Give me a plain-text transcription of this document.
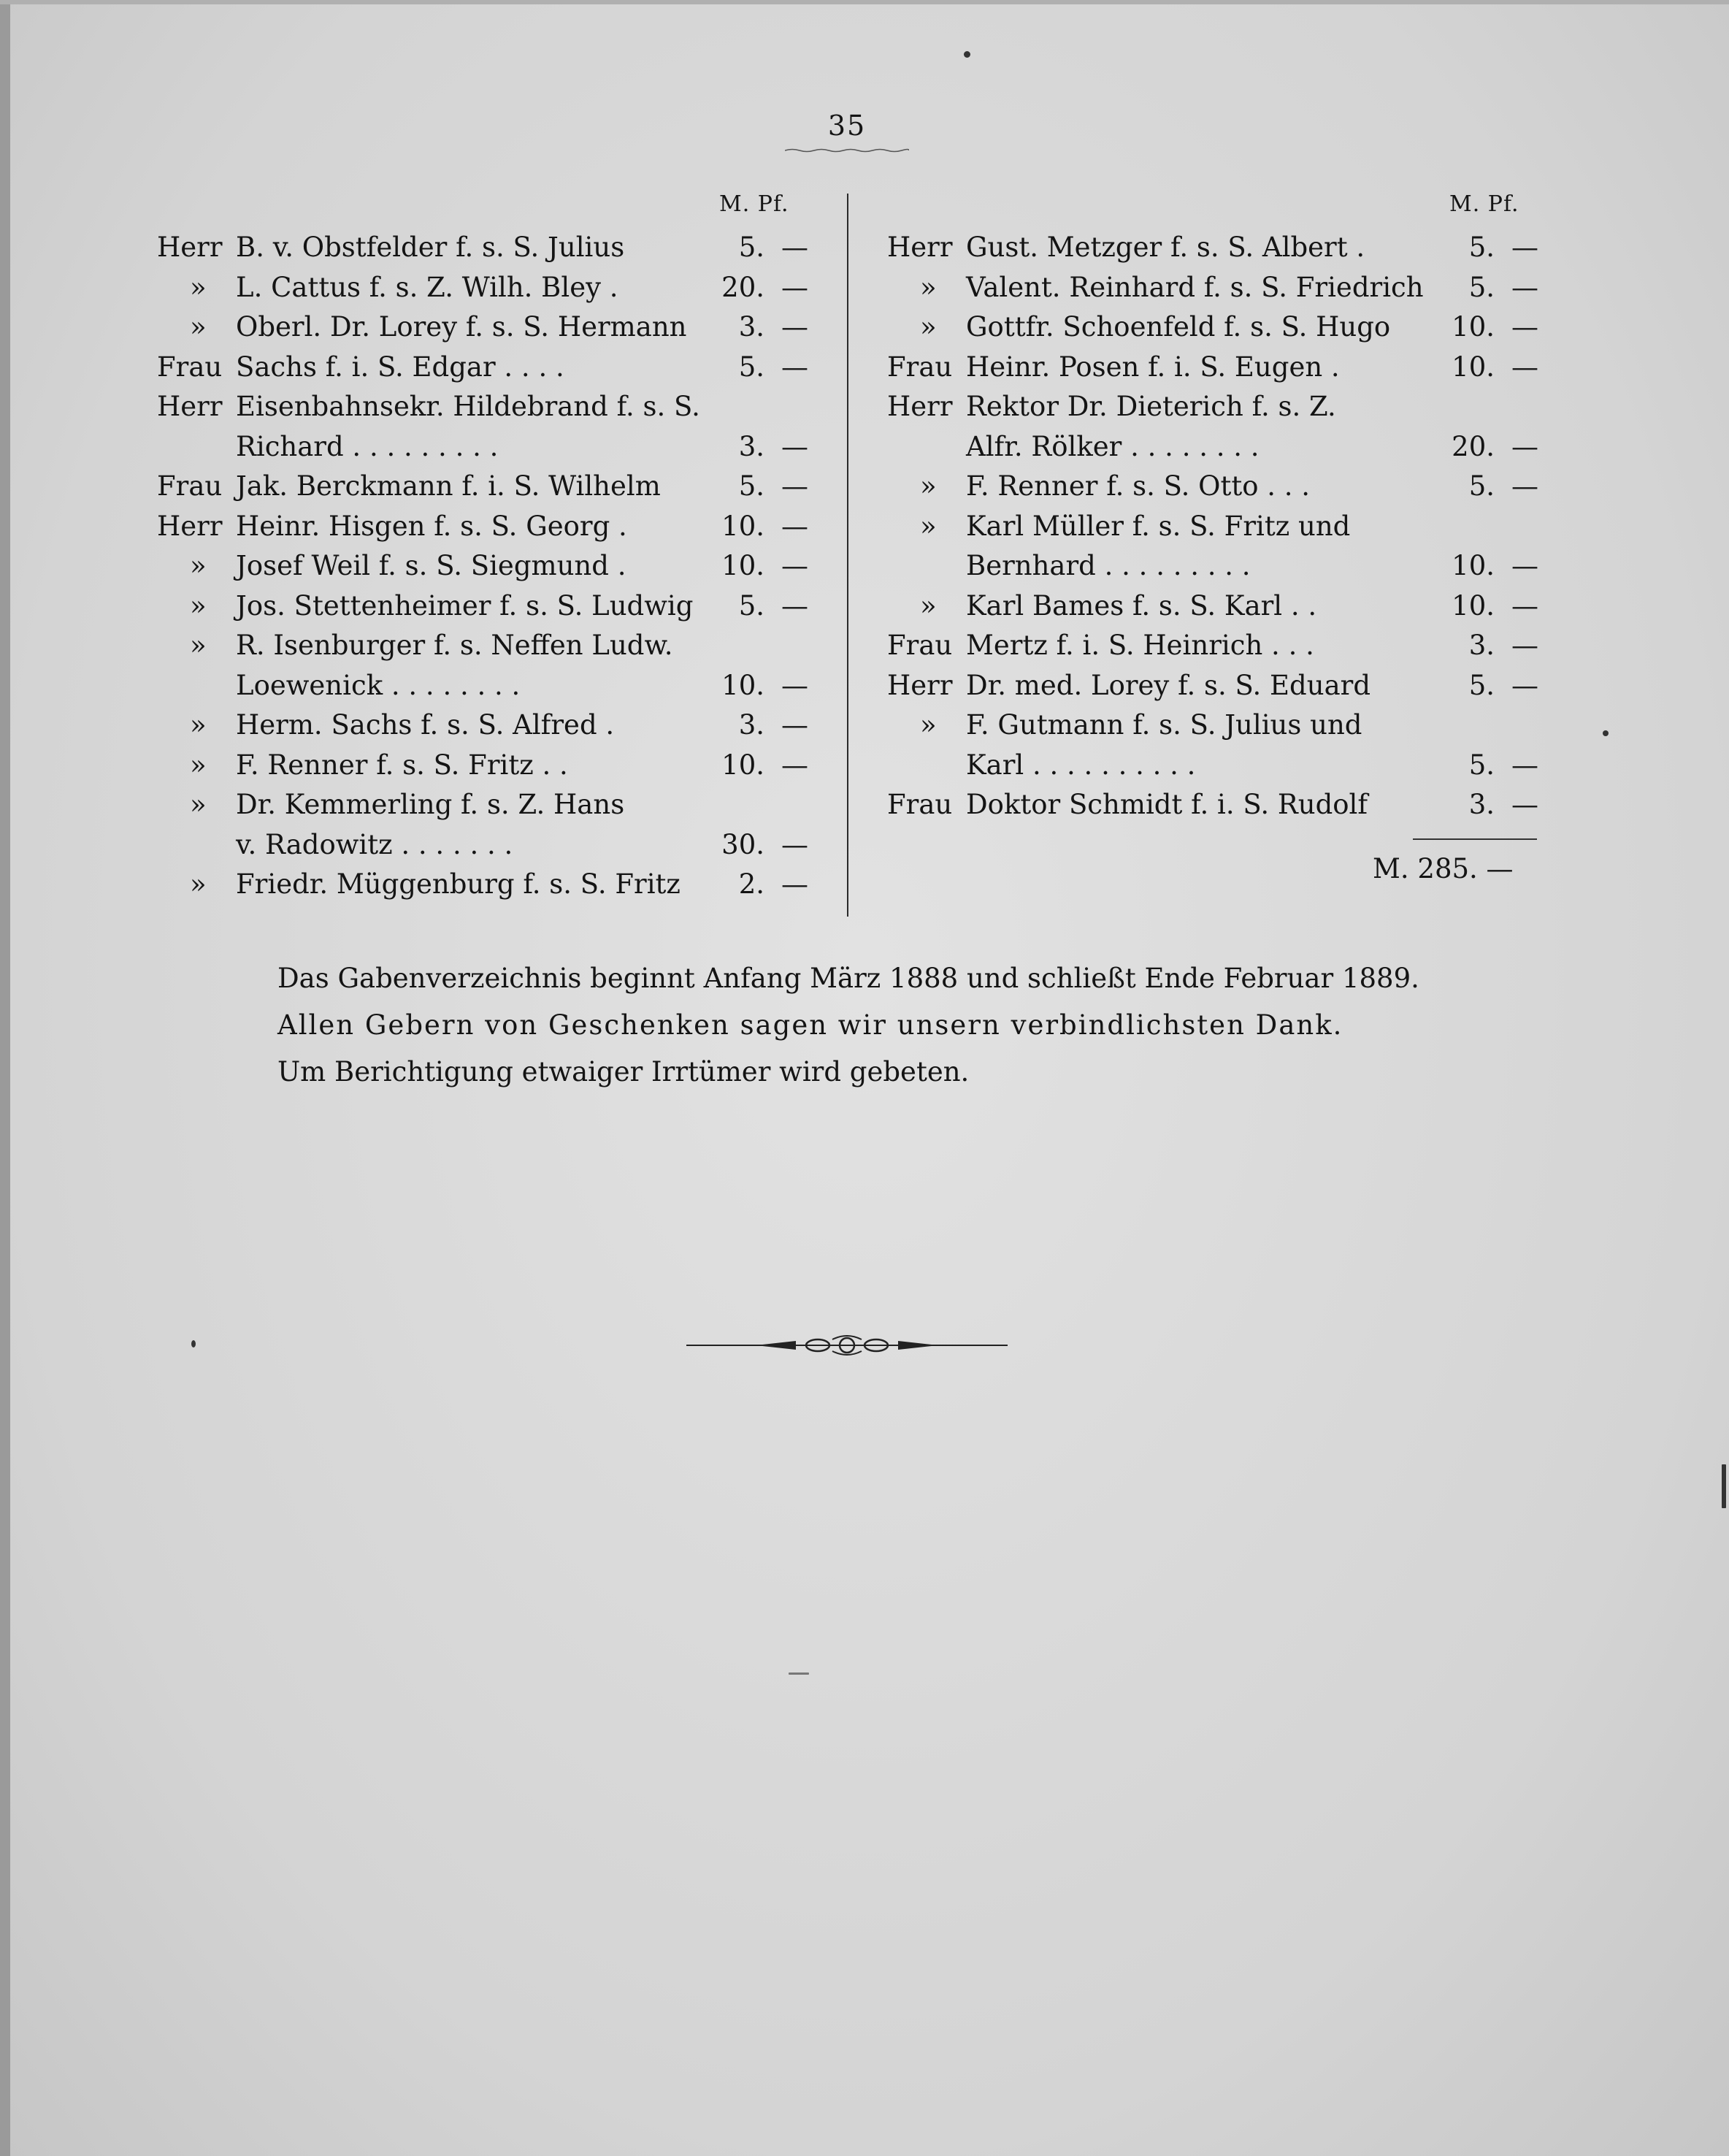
35
M. Pf.	M. Pf.
Herr B. v. Obstfelder f. s. S. Julius	5. —
» L. Cattus f. s. Z. Wilh. Bley .	20. —
» Oberl. Dr. Lorey f. s. S. Hermann	3. —
Frau Sachs f. i. S. Edgar . . . .	5. —
Herr Eisenbahnsekr. Hildebrand f. s. S.
Richard . . . . . . . . .	3. —
Frau Jak. Berckmann f. i. S. Wilhelm	5. —
Herr Heinr. Hisgen f. s. S. Georg .	10. —
» Josef Weil f. s. S. Siegmund .	10. —
» Jos. Stettenheimer f. s. S. Ludwig	5. —
» R. Isenburger f. s. Neffen Ludw.
Loewenick . . . . . . . .	10. —
» Herm. Sachs f. s. S. Alfred .	3. —
» F. Renner f. s. S. Fritz . .	10. —
» Dr. Kemmerling f. s. Z. Hans
v. Radowitz . . . . . . .	30. —
» Friedr. Müggenburg f. s. S. Fritz	2. —
Herr Gust. Metzger f. s. S. Albert .	5. —
» Valent. Reinhard f. s. S. Friedrich	5. —
» Gottfr. Schoenfeld f. s. S. Hugo	10. —
Frau Heinr. Posen f. i. S. Eugen .	10. —
Herr Rektor Dr. Dieterich f. s. Z.
Alfr. Rölker . . . . . . . .	20. —
» F. Renner f. s. S. Otto . . .	5. —
» Karl Müller f. s. S. Fritz und
Bernhard . . . . . . . . .	10. —
» Karl Bames f. s. S. Karl . .	10. —
Frau Mertz f. i. S. Heinrich . . .	3. —
Herr Dr. med. Lorey f. s. S. Eduard	5. —
» F. Gutmann f. s. S. Julius und
Karl . . . . . . . . . .	5. —
Frau Doktor Schmidt f. i. S. Rudolf	3. —
M. 285. —
Das Gabenverzeichnis beginnt Anfang März 1888 und schließt Ende Februar 1889.
Allen Gebern von Geschenken sagen wir unsern verbindlichsten Dank.
Um Berichtigung etwaiger Irrtümer wird gebeten.
